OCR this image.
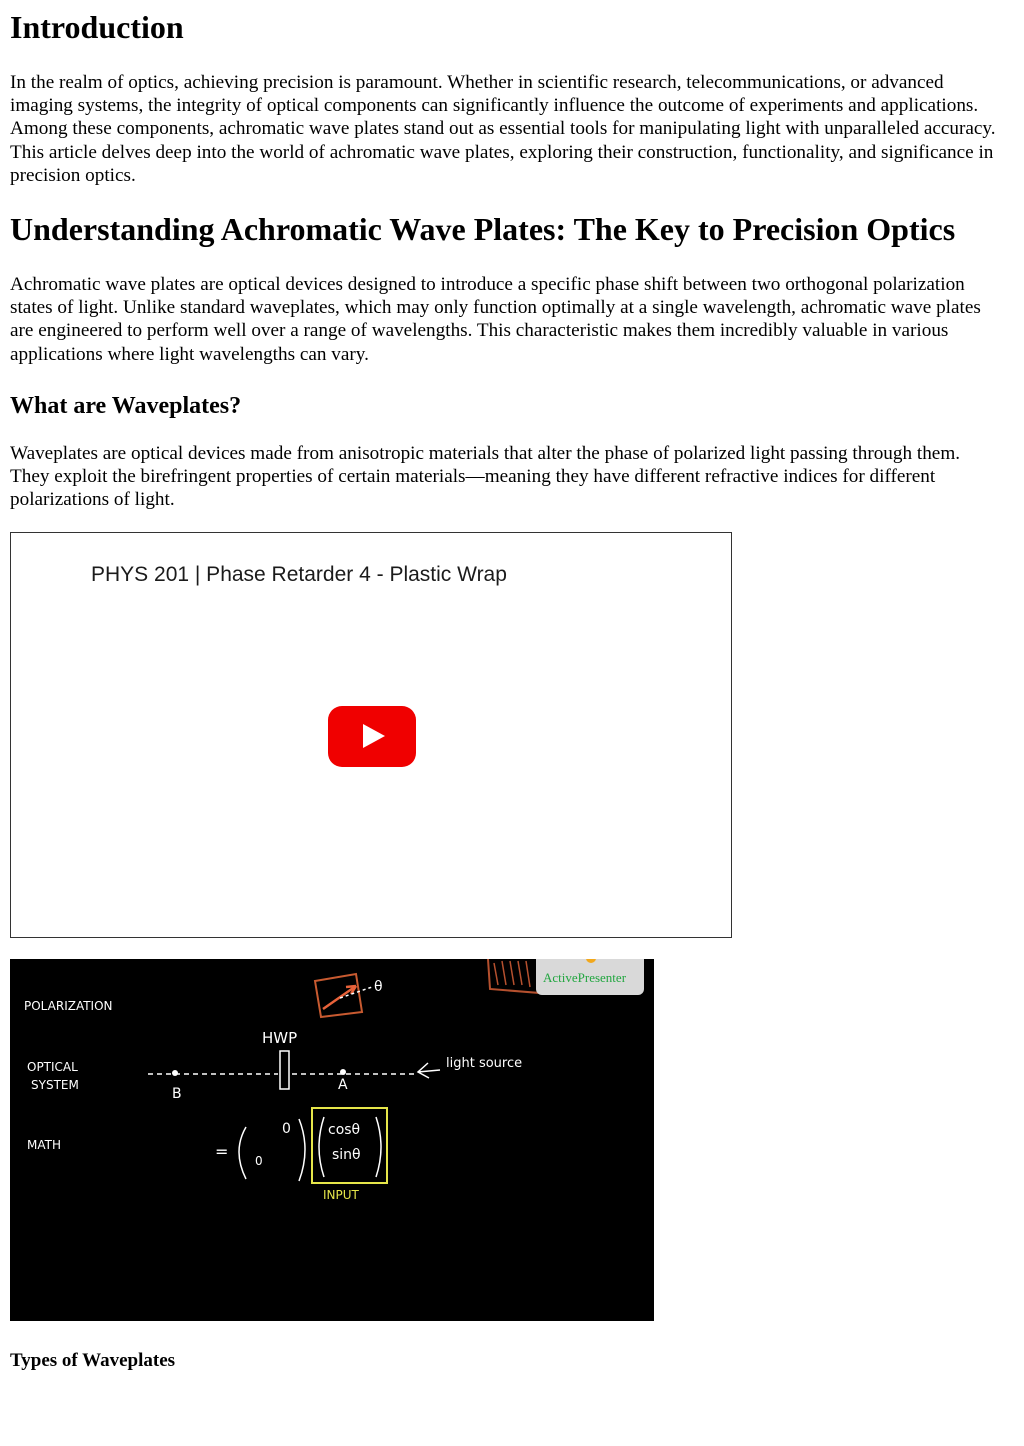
Introduction

In the realm of optics, achieving precision is paramount. Whether in scientific research, telecommunications, or advanced imaging systems, the integrity of optical components can significantly influence the outcome of experiments and applications. Among these components, achromatic wave plates stand out as essential tools for manipulating light with unparalleled accuracy. This article delves deep into the world of achromatic wave plates, exploring their construction, functionality, and significance in precision optics.

Understanding Achromatic Wave Plates: The Key to Precision Optics

Achromatic wave plates are optical devices designed to introduce a specific phase shift between two orthogonal polarization states of light. Unlike standard waveplates, which may only function optimally at a single wavelength, achromatic wave plates are engineered to perform well over a range of wavelengths. This characteristic makes them incredibly valuable in various applications where light wavelengths can vary.

What are Waveplates?

Waveplates are optical devices made from anisotropic materials that alter the phase of polarized light passing through them. They exploit the birefringent properties of certain materials—meaning they have different refractive indices for different polarizations of light.

PHYS 201 | Phase Retarder 4 - Plastic Wrap
θ
POLARIZATION
OPTICAL
SYSTEM
MATH
HWP
B
A
light source
=
0
0
cosθ
sinθ
INPUT
ActivePresenter
Types of Waveplates
